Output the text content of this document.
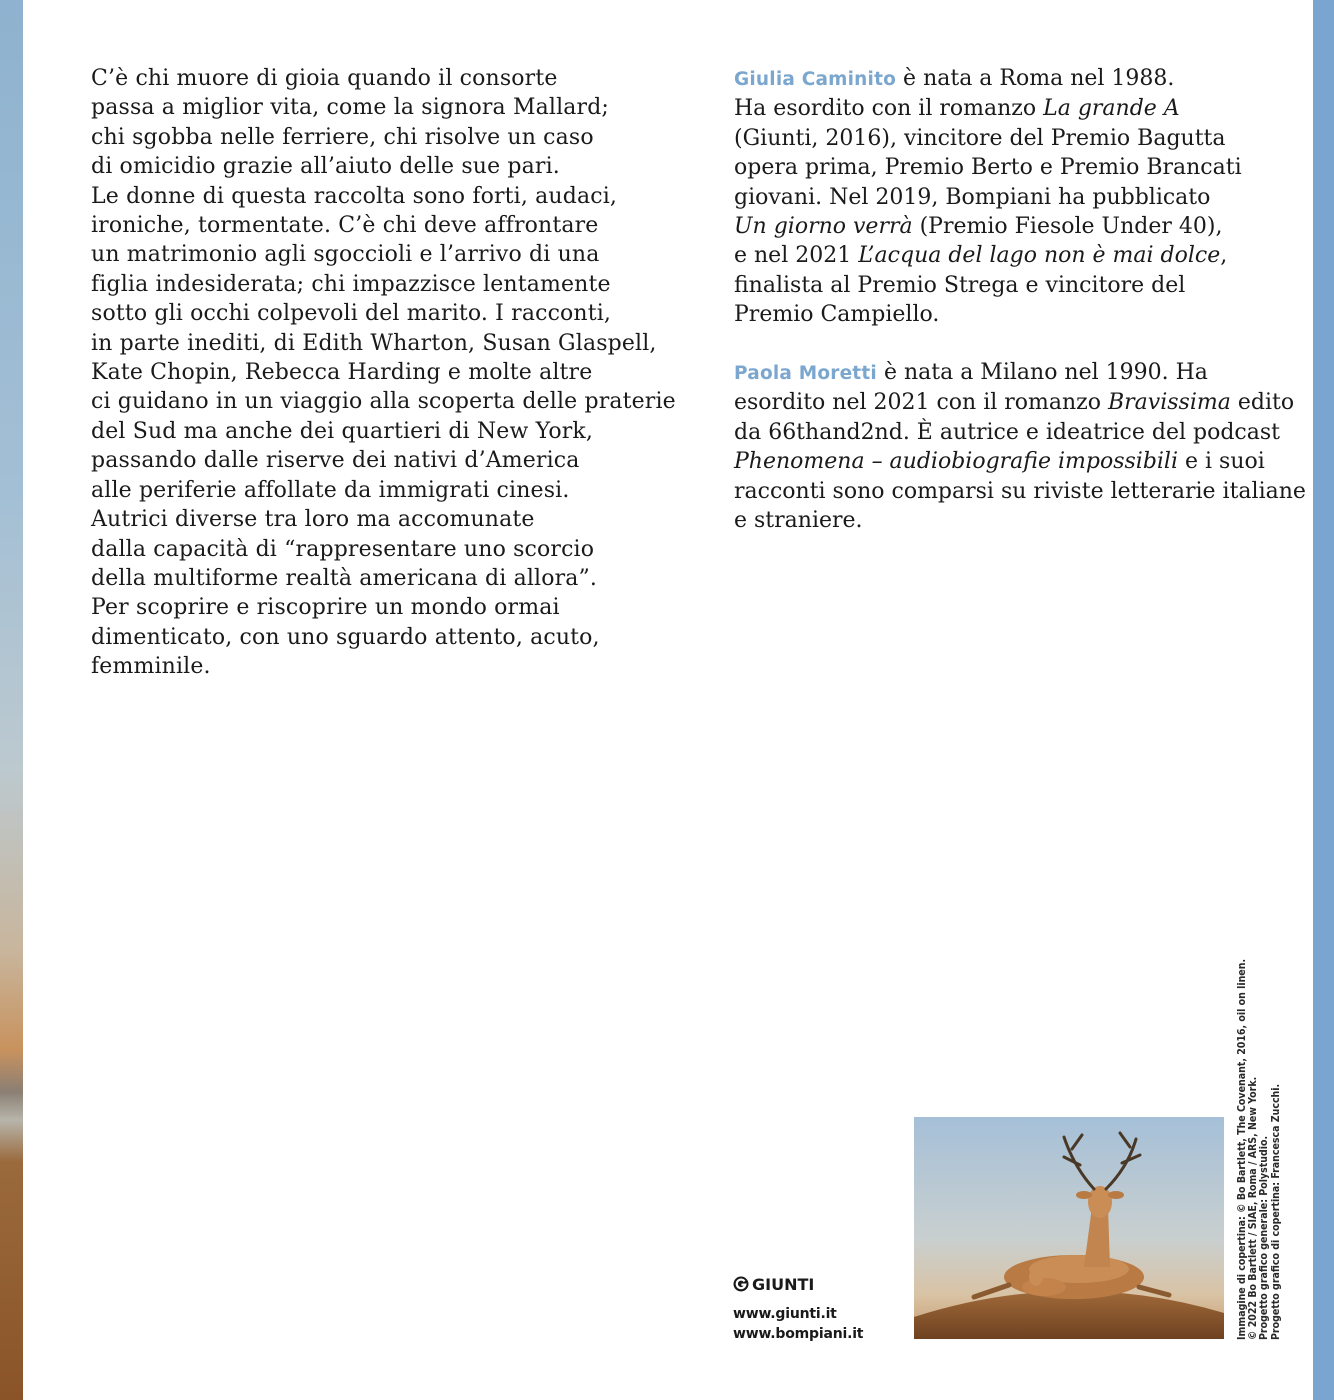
C’è chi muore di gioia quando il consorte
passa a miglior vita, come la signora Mallard;
chi sgobba nelle ferriere, chi risolve un caso
di omicidio grazie all’aiuto delle sue pari.
Le donne di questa raccolta sono forti, audaci,
ironiche, tormentate. C’è chi deve affrontare
un matrimonio agli sgoccioli e l’arrivo di una
figlia indesiderata; chi impazzisce lentamente
sotto gli occhi colpevoli del marito. I racconti,
in parte inediti, di Edith Wharton, Susan Glaspell,
Kate Chopin, Rebecca Harding e molte altre
ci guidano in un viaggio alla scoperta delle praterie
del Sud ma anche dei quartieri di New York,
passando dalle riserve dei nativi d’America
alle periferie affollate da immigrati cinesi.
Autrici diverse tra loro ma accomunate
dalla capacità di “rappresentare uno scorcio
della multiforme realtà americana di allora”.
Per scoprire e riscoprire un mondo ormai
dimenticato, con uno sguardo attento, acuto,
femminile.
Giulia Caminito è nata a Roma nel 1988.
Ha esordito con il romanzo La grande A
(Giunti, 2016), vincitore del Premio Bagutta
opera prima, Premio Berto e Premio Brancati
giovani. Nel 2019, Bompiani ha pubblicato
Un giorno verrà (Premio Fiesole Under 40),
e nel 2021 L’acqua del lago non è mai dolce,
finalista al Premio Strega e vincitore del
Premio Campiello.
Paola Moretti è nata a Milano nel 1990. Ha
esordito nel 2021 con il romanzo Bravissima edito
da 66thand2nd. È autrice e ideatrice del podcast
Phenomena – audiobiografie impossibili e i suoi
racconti sono comparsi su riviste letterarie italiane
e straniere.
GIUNTI
www.giunti.it
www.bompiani.it	Immagine di copertina: © Bo Bartlett, The Covenant, 2016, oil on linen.
© 2022 Bo Bartlett / SIAE, Roma / ARS, New York.
Progetto grafico generale: Polystudio.
Progetto grafico di copertina: Francesca Zucchi.
